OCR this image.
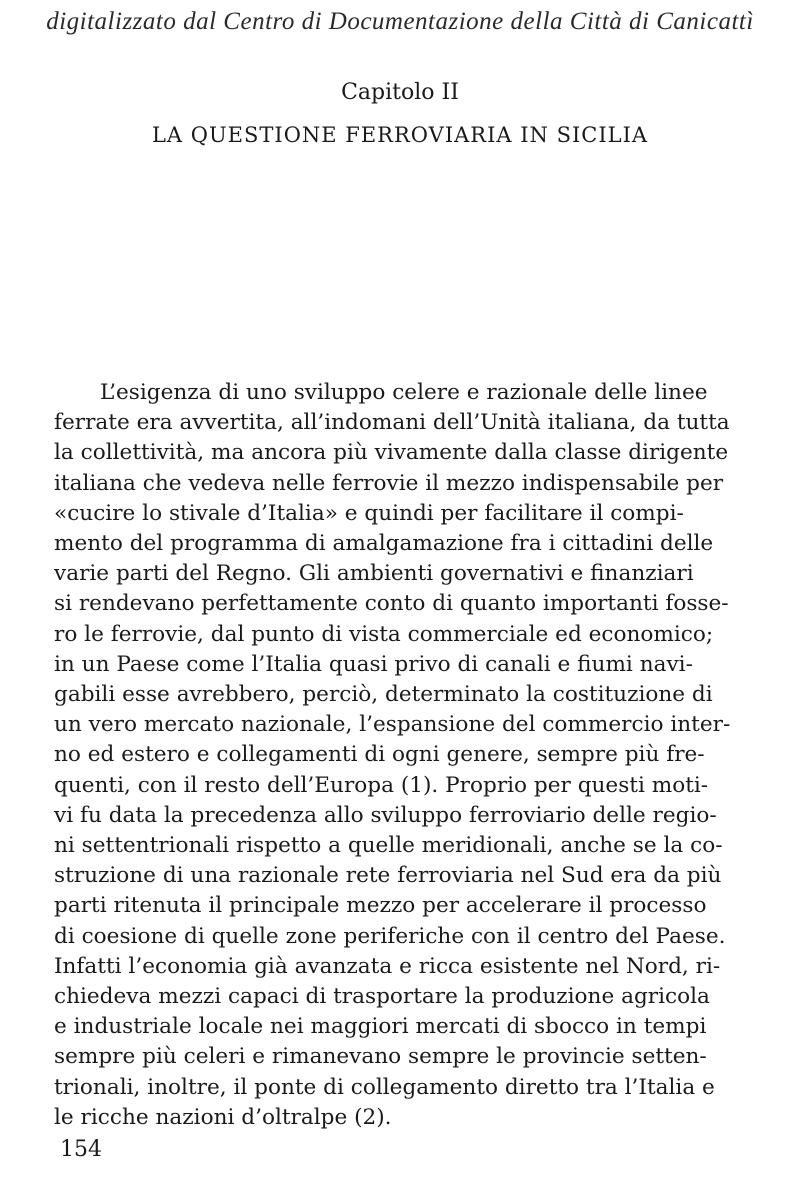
digitalizzato dal Centro di Documentazione della Città di Canicattì
Capitolo II
LA QUESTIONE FERROVIARIA IN SICILIA
L’esigenza di uno sviluppo celere e razionale delle linee
ferrate era avvertita, all’indomani dell’Unità italiana, da tutta
la collettività, ma ancora più vivamente dalla classe dirigente
italiana che vedeva nelle ferrovie il mezzo indispensabile per
«cucire lo stivale d’Italia» e quindi per facilitare il compi-
mento del programma di amalgamazione fra i cittadini delle
varie parti del Regno. Gli ambienti governativi e finanziari
si rendevano perfettamente conto di quanto importanti fosse-
ro le ferrovie, dal punto di vista commerciale ed economico;
in un Paese come l’Italia quasi privo di canali e fiumi navi-
gabili esse avrebbero, perciò, determinato la costituzione di
un vero mercato nazionale, l’espansione del commercio inter-
no ed estero e collegamenti di ogni genere, sempre più fre-
quenti, con il resto dell’Europa (1). Proprio per questi moti-
vi fu data la precedenza allo sviluppo ferroviario delle regio-
ni settentrionali rispetto a quelle meridionali, anche se la co-
struzione di una razionale rete ferroviaria nel Sud era da più
parti ritenuta il principale mezzo per accelerare il processo
di coesione di quelle zone periferiche con il centro del Paese.
Infatti l’economia già avanzata e ricca esistente nel Nord, ri-
chiedeva mezzi capaci di trasportare la produzione agricola
e industriale locale nei maggiori mercati di sbocco in tempi
sempre più celeri e rimanevano sempre le provincie setten-
trionali, inoltre, il ponte di collegamento diretto tra l’Italia e
le ricche nazioni d’oltralpe (2).
154
